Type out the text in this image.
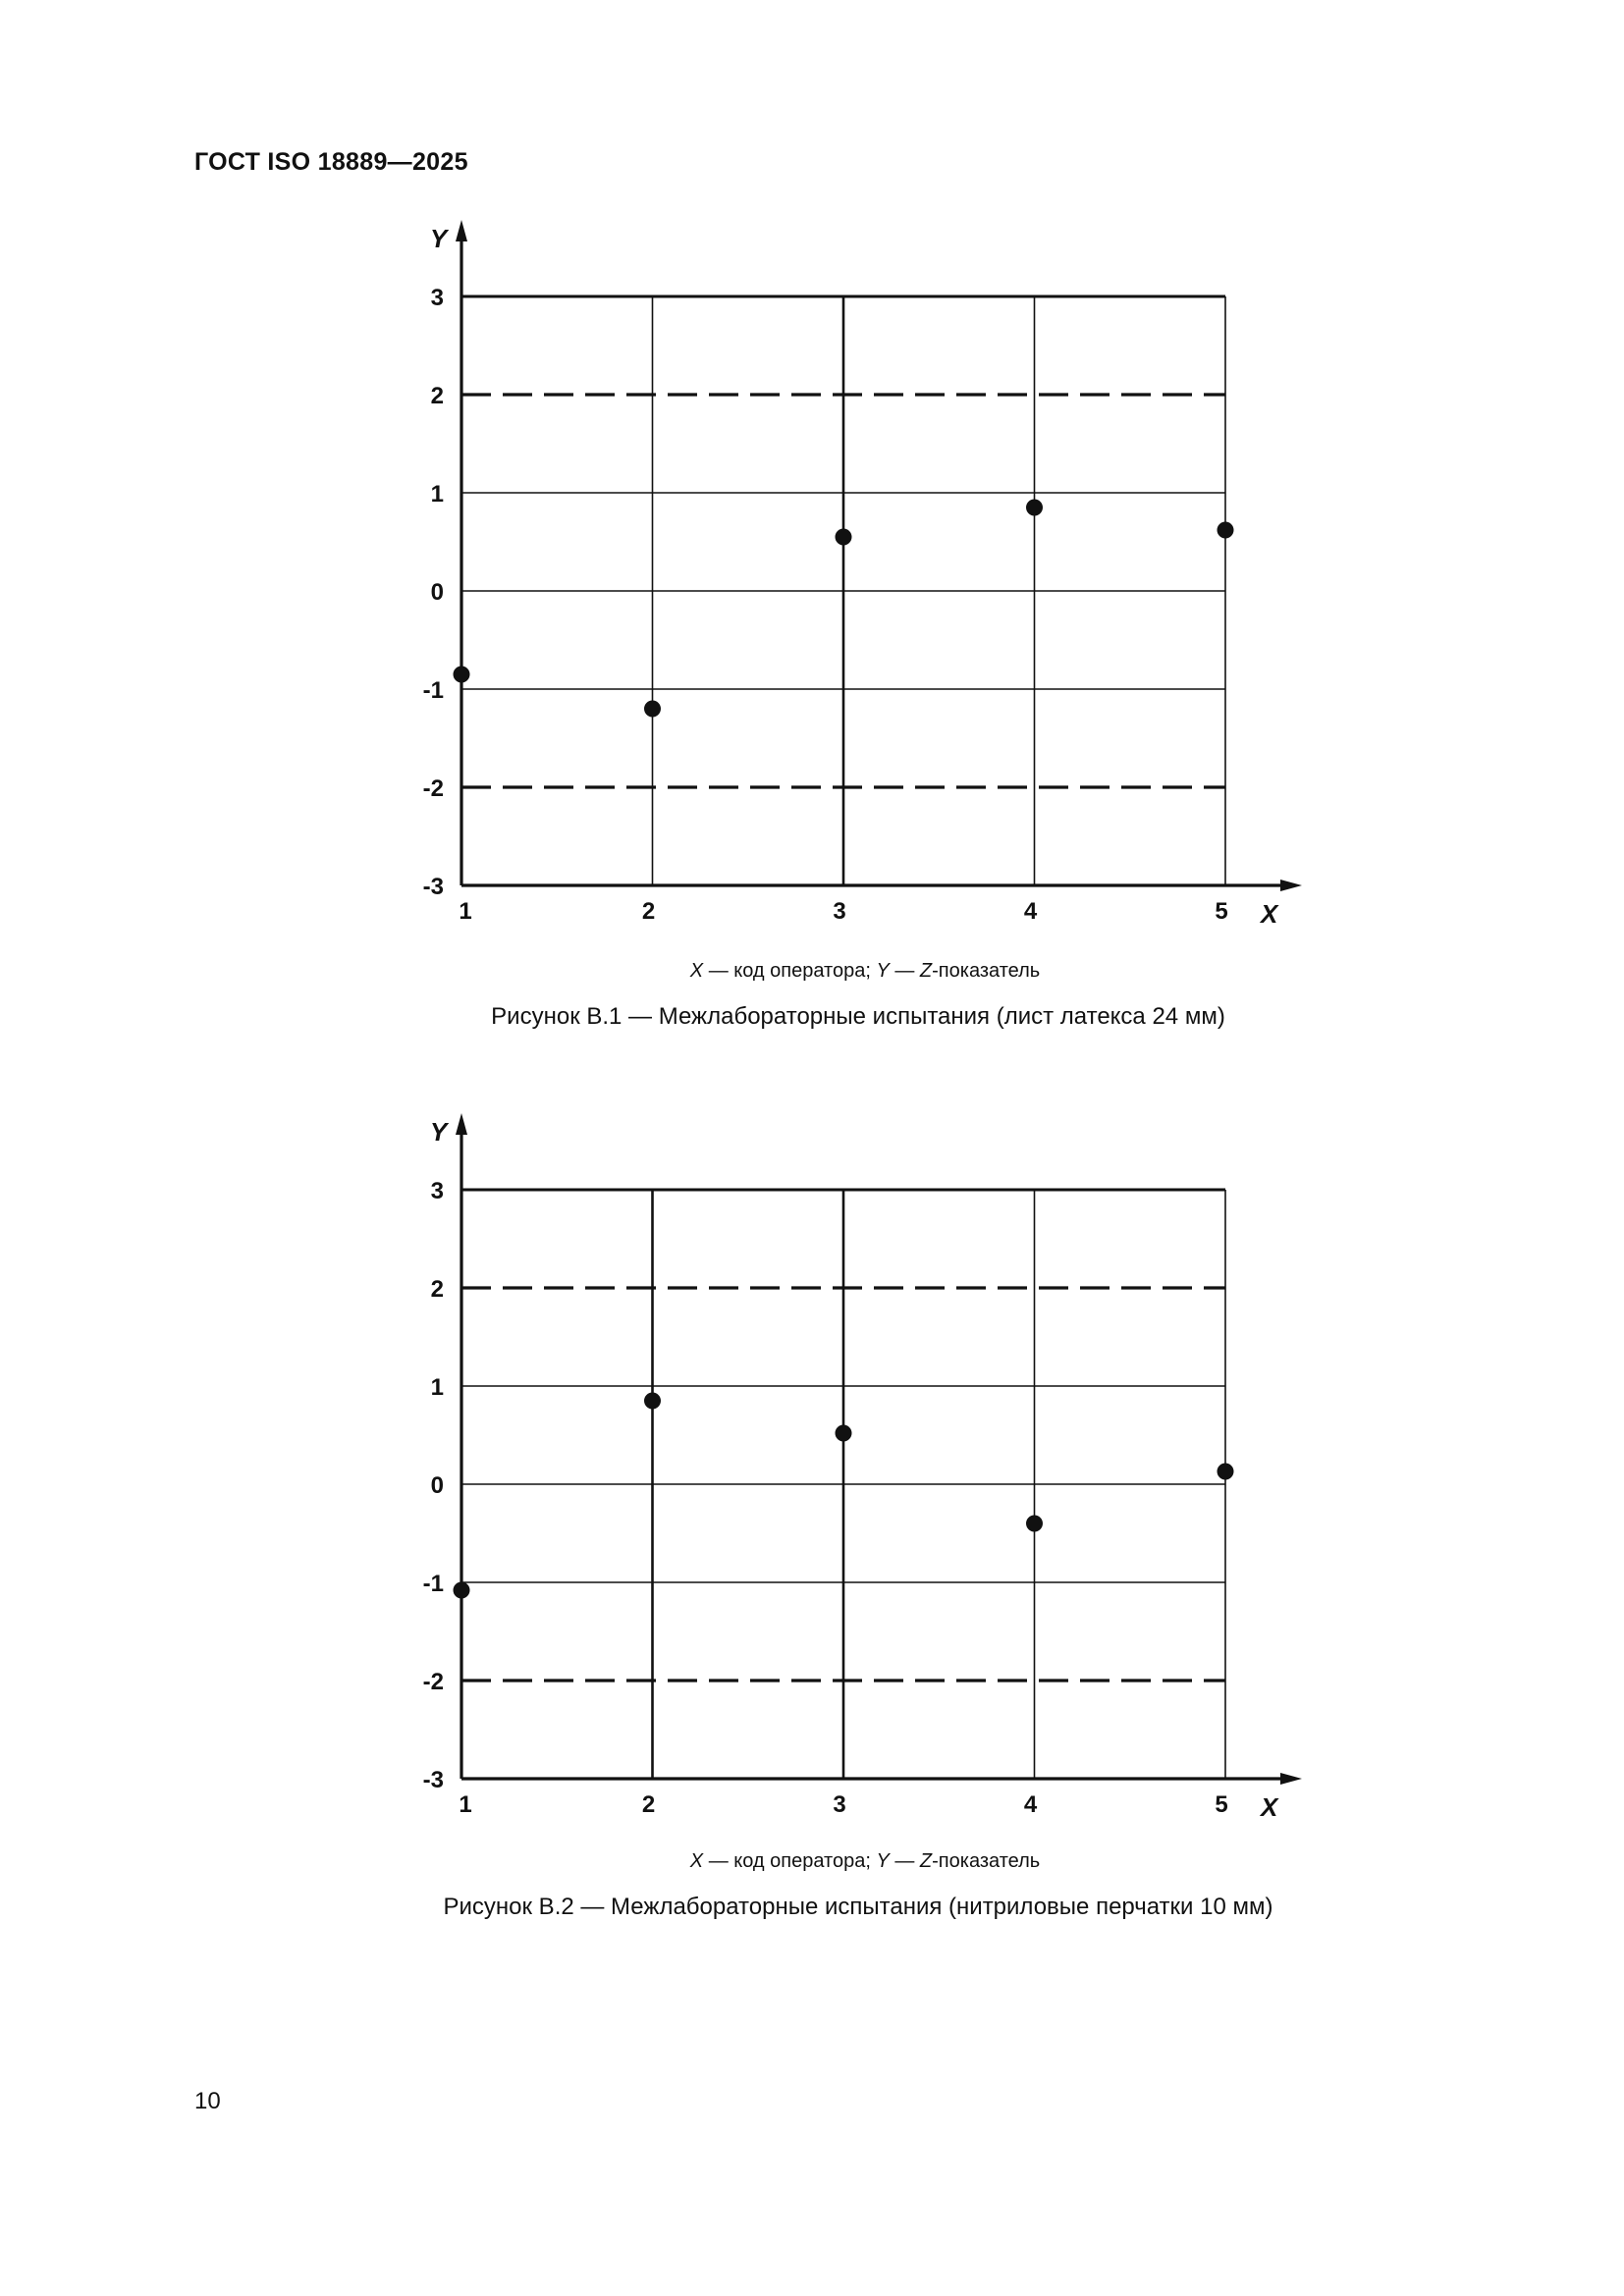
ГОСТ ISO 18889—2025
Y
X
3
2
1
0
-1
-2
-3
1	2	3	4	5
X — код оператора; Y — Z-показатель
Рисунок В.1 — Межлабораторные испытания (лист латекса 24 мм)
Y
X
3
2
1
0
-1
-2
-3
1	2	3	4	5
X — код оператора; Y — Z-показатель
Рисунок В.2 — Межлабораторные испытания (нитриловые перчатки 10 мм)
10
